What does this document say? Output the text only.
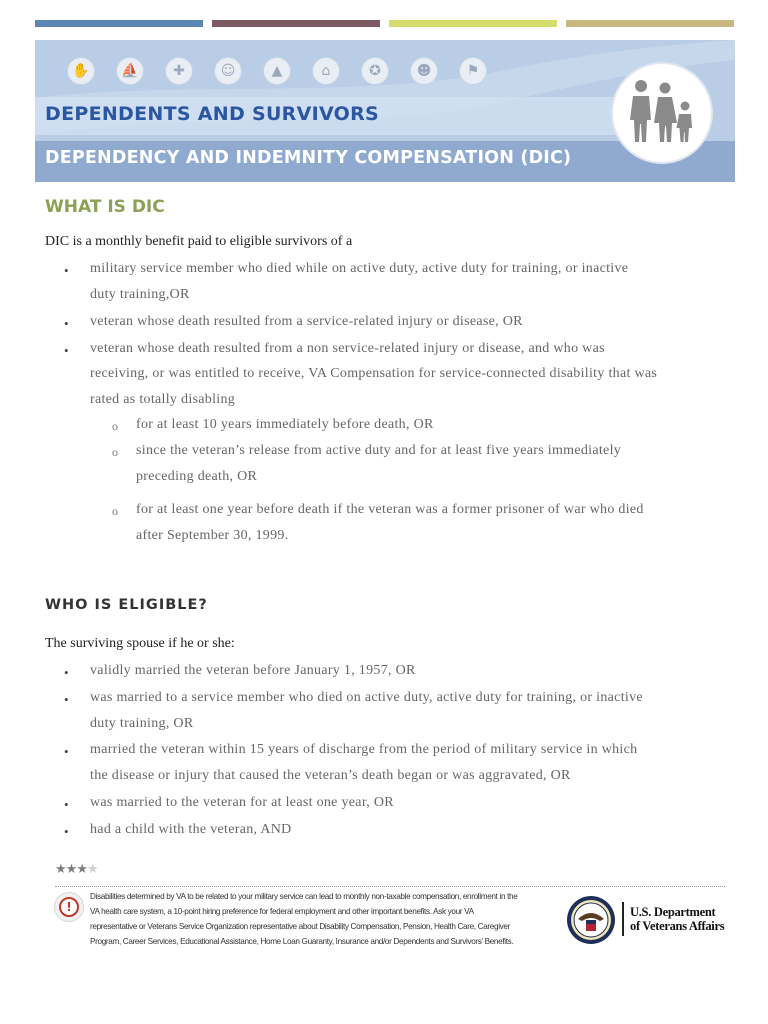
✋	⛵	✚	☺	▲	⌂	✪	☻	⚑
DEPENDENTS AND SURVIVORS
DEPENDENCY AND INDEMNITY COMPENSATION (DIC)
WHAT IS DIC
DIC is a monthly benefit paid to eligible survivors of a
• military service member who died while on active duty, active duty for training, or inactive
duty training,OR
• veteran whose death resulted from a service-related injury or disease, OR
• veteran whose death resulted from a non service-related injury or disease, and who was
receiving, or was entitled to receive, VA Compensation for service-connected disability that was
rated as totally disabling
o for at least 10 years immediately before death, OR
o since the veteran’s release from active duty and for at least five years immediately
preceding death, OR
o for at least one year before death if the veteran was a former prisoner of war who died
after September 30, 1999.
WHO IS ELIGIBLE?
The surviving spouse if he or she:
• validly married the veteran before January 1, 1957, OR
• was married to a service member who died on active duty, active duty for training, or inactive
duty training, OR
• married the veteran within 15 years of discharge from the period of military service in which
the disease or injury that caused the veteran’s death began or was aggravated, OR
• was married to the veteran for at least one year, OR
• had a child with the veteran, AND
★★★★
!
Disabilities determined by VA to be related to your military service can lead to monthly non-taxable compensation, enrollment in the
VA health care system, a 10-point hiring preference for federal employment and other important benefits. Ask your VA
representative or Veterans Service Organization representative about Disability Compensation, Pension, Health Care, Caregiver
Program, Career Services, Educational Assistance, Home Loan Guaranty, Insurance and/or Dependents and Survivors’ Benefits.
U.S. Department
of Veterans Affairs
